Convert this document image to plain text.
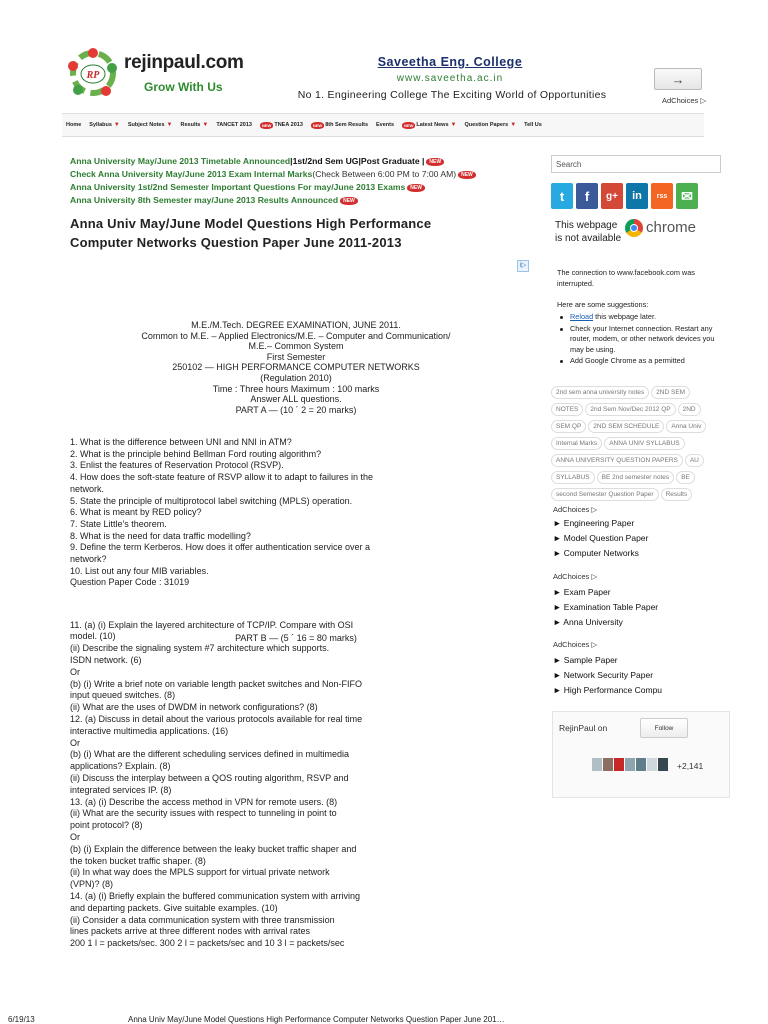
RP
rejinpaul.com
Grow With Us
Saveetha Eng. College
www.saveetha.ac.in
No 1. Engineering College The Exciting World of Opportunities
→
AdChoices ▷
Home Syllabus ▼ Subject Notes ▼ Results ▼ TANCET 2013	NEW TNEA 2013	NEW 8th Sem Results Events	NEW Latest News ▼ Question Papers ▼ Tell Us
Anna University May/June 2013 Timetable Announced|1st/2nd Sem UG|Post Graduate | NEW
Check Anna University May/June 2013 Exam Internal Marks(Check Between 6:00 PM to 7:00 AM) NEW
Anna University 1st/2nd Semester Important Questions For may/June 2013 Exams NEW
Anna University 8th Semester may/June 2013 Results Announced NEW
Anna Univ May/June Model Questions High Performance
Computer Networks Question Paper June 2011-2013
i▷
M.E./M.Tech. DEGREE EXAMINATION, JUNE 2011.
Common to M.E. – Applied Electronics/M.E. – Computer and Communication/
M.E.– Common System
First Semester
250102 — HIGH PERFORMANCE COMPUTER NETWORKS
(Regulation 2010)
Time : Three hours Maximum : 100 marks
Answer ALL questions.
PART A — (10 ´ 2 = 20 marks)
1. What is the difference between UNI and NNI in ATM?
2. What is the principle behind Bellman Ford routing algorithm?
3. Enlist the features of Reservation Protocol (RSVP).
4. How does the soft-state feature of RSVP allow it to adapt to failures in the
network.
5. State the principle of multiprotocol label switching (MPLS) operation.
6. What is meant by RED policy?
7. State Little's theorem.
8. What is the need for data traffic modelling?
9. Define the term Kerberos. How does it offer authentication service over a
network?
10. List out any four MIB variables.
Question Paper Code : 31019
PART B — (5 ´ 16 = 80 marks)
11. (a) (i) Explain the layered architecture of TCP/IP. Compare with OSI
model. (10)
(ii) Describe the signaling system #7 architecture which supports.
ISDN network. (6)
Or
(b) (i) Write a brief note on variable length packet switches and Non-FIFO
input queued switches. (8)
(ii) What are the uses of DWDM in network configurations? (8)
12. (a) Discuss in detail about the various protocols available for real time
interactive multimedia applications. (16)
Or
(b) (i) What are the different scheduling services defined in multimedia
applications? Explain. (8)
(ii) Discuss the interplay between a QOS routing algorithm, RSVP and
integrated services IP. (8)
13. (a) (i) Describe the access method in VPN for remote users. (8)
(ii) What are the security issues with respect to tunneling in point to
point protocol? (8)
Or
(b) (i) Explain the difference between the leaky bucket traffic shaper and
the token bucket traffic shaper. (8)
(ii) In what way does the MPLS support for virtual private network
(VPN)? (8)
14. (a) (i) Briefly explain the buffered communication system with arriving
and departing packets. Give suitable examples. (10)
(ii) Consider a data communication system with three transmission
lines packets arrive at three different nodes with arrival rates
200 1 l = packets/sec. 300 2 l = packets/sec and 10 3 l = packets/sec
Search
t	f	g+	in	rss ✉
This webpage is not available
chrome
The connection to www.facebook.com was interrupted.
Here are some suggestions:
Reload this webpage later.
Check your Internet connection. Restart any router, modem, or other network devices you may be using.
Add Google Chrome as a permitted
2nd sem anna university notes 2ND SEMNOTES 2nd Sem Nov/Dec 2012 QP 2NDSEM QP 2ND SEM SCHEDULE Anna UnivInternal Marks ANNA UNIV SYLLABUSANNA UNIVERSITY QUESTION PAPERS AUSYLLABUS BE 2nd semester notes BEsecond Semester Question Paper Results
AdChoices ▷
► Engineering Paper
► Model Question Paper
► Computer Networks
AdChoices ▷
► Exam Paper
► Examination Table Paper
► Anna University
AdChoices ▷
► Sample Paper
► Network Security Paper
► High Performance Compu
RejinPaul on	Follow
+2,141
6/19/13	Anna Univ May/June Model Questions High Performance Computer Networks Question Paper June 201…
